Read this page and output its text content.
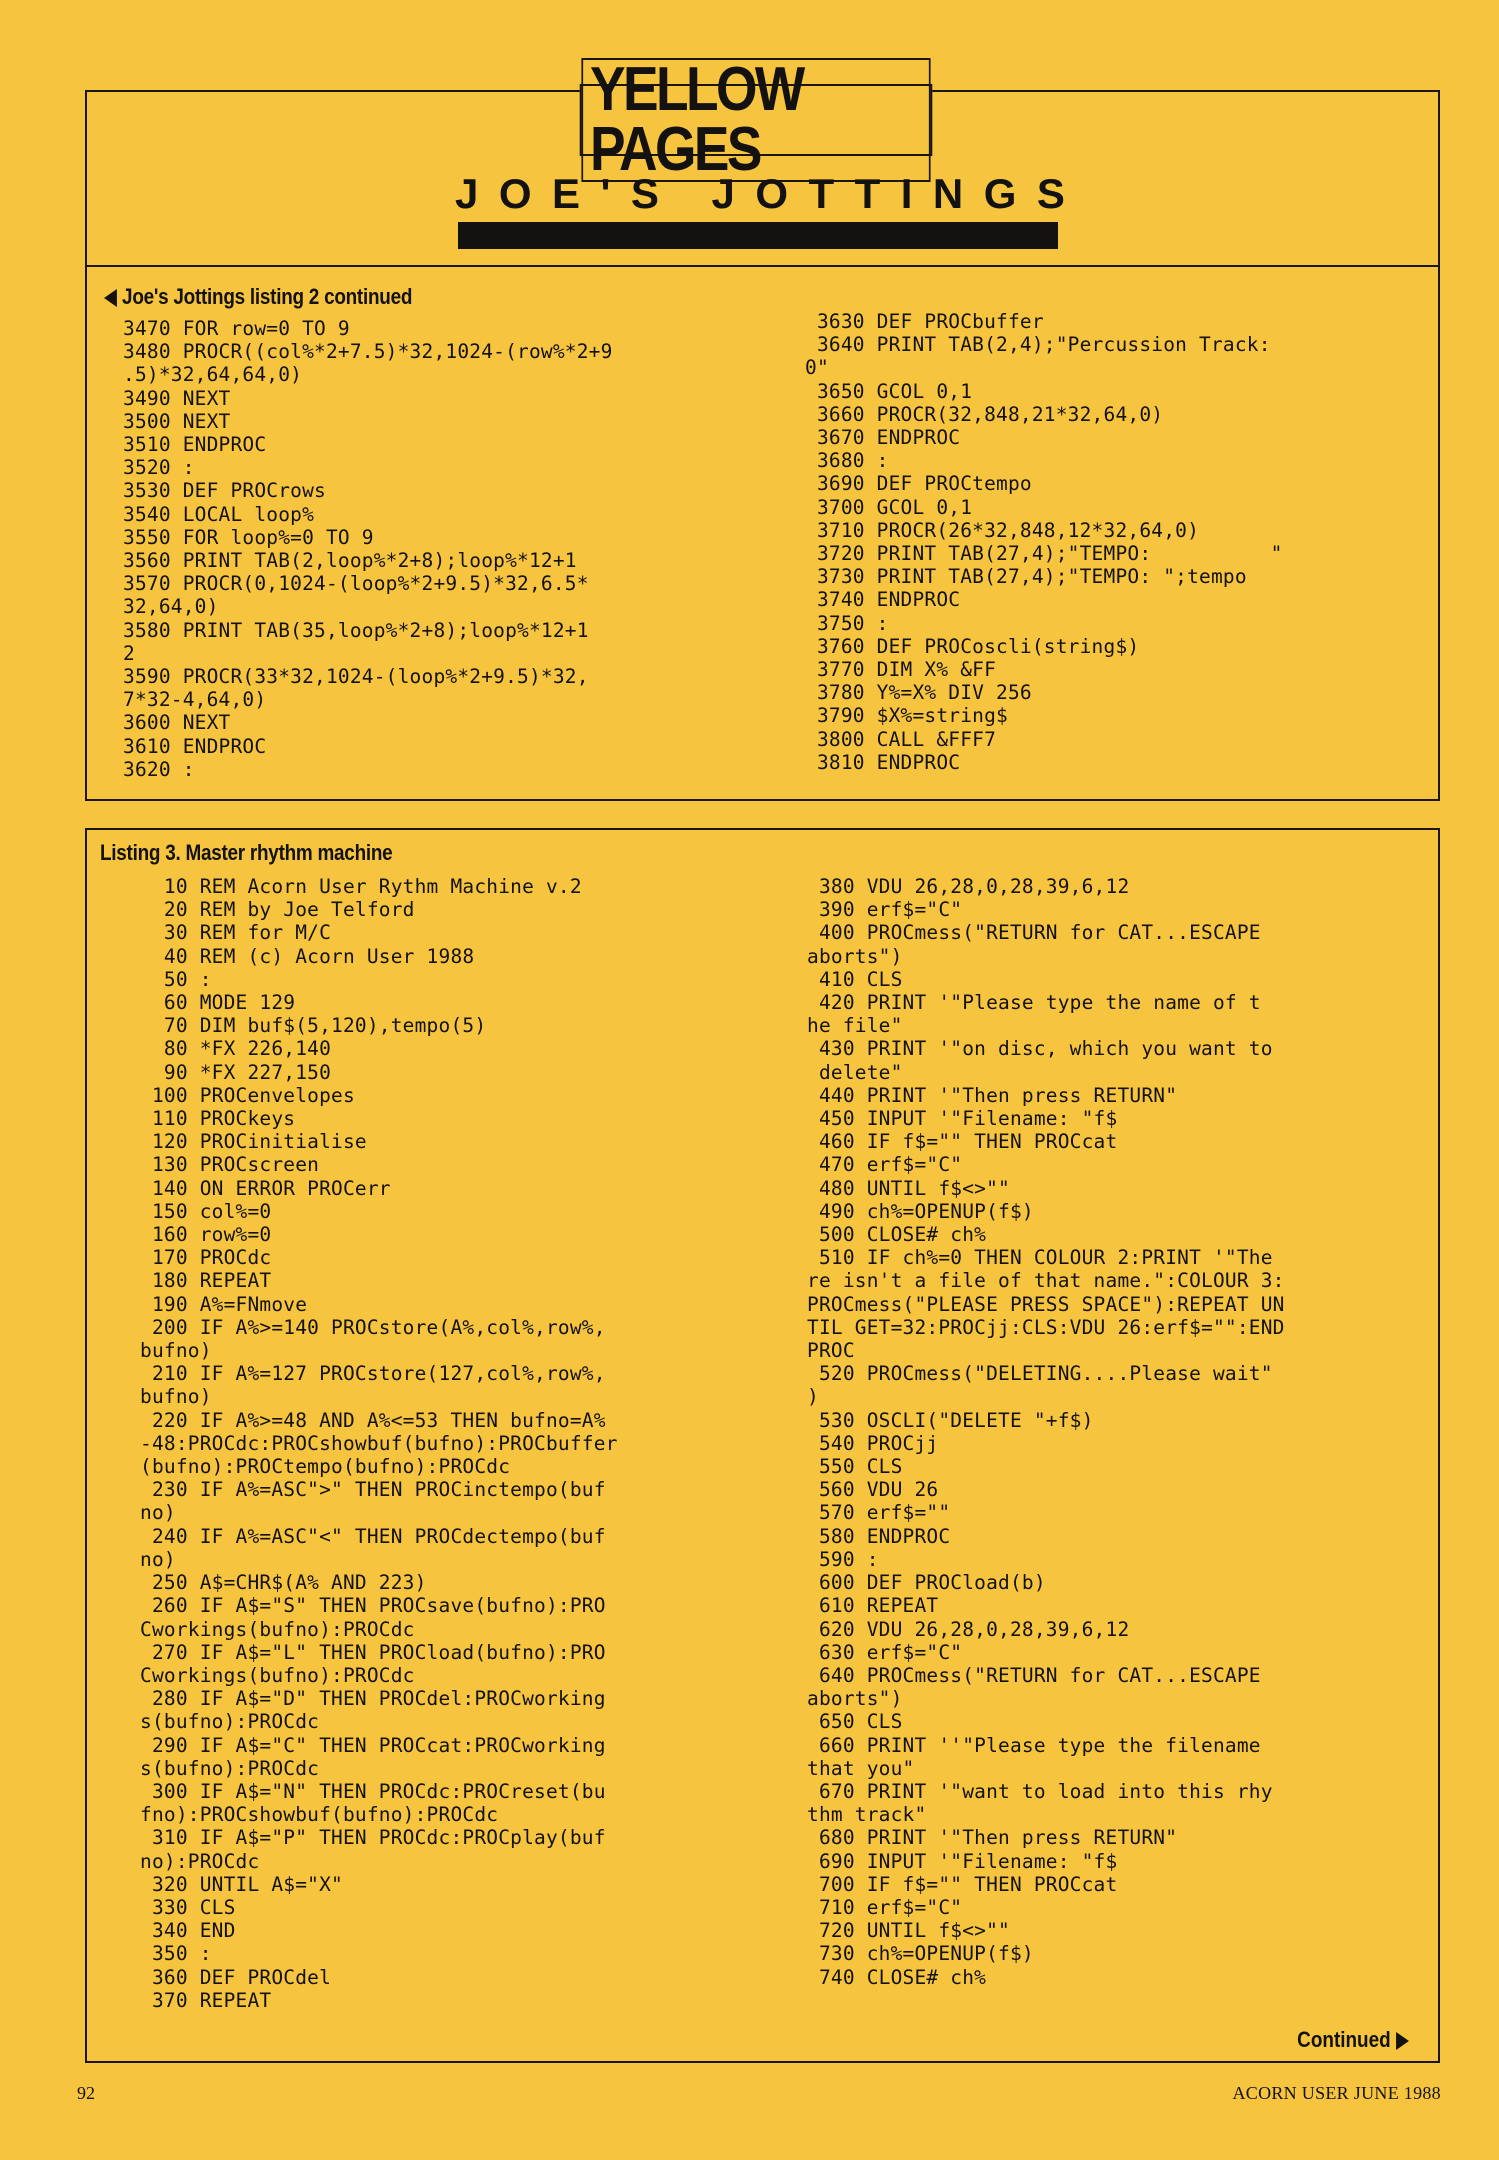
YELLOW PAGES
J O E ' S
J O T T I N G S
Joe's Jottings listing 2 continued
3470 FOR row=0 TO 9
3480 PROCR((col%*2+7.5)*32,1024-(row%*2+9
.5)*32,64,64,0)
3490 NEXT
3500 NEXT
3510 ENDPROC
3520 :
3530 DEF PROCrows
3540 LOCAL loop%
3550 FOR loop%=0 TO 9
3560 PRINT TAB(2,loop%*2+8);loop%*12+1
3570 PROCR(0,1024-(loop%*2+9.5)*32,6.5*
32,64,0)
3580 PRINT TAB(35,loop%*2+8);loop%*12+1
2
3590 PROCR(33*32,1024-(loop%*2+9.5)*32,
7*32-4,64,0)
3600 NEXT
3610 ENDPROC
3620 :
3630 DEF PROCbuffer
3640 PRINT TAB(2,4);"Percussion Track:
0"
3650 GCOL 0,1
3660 PROCR(32,848,21*32,64,0)
3670 ENDPROC
3680 :
3690 DEF PROCtempo
3700 GCOL 0,1
3710 PROCR(26*32,848,12*32,64,0)
3720 PRINT TAB(27,4);"TEMPO:          "
3730 PRINT TAB(27,4);"TEMPO: ";tempo
3740 ENDPROC
3750 :
3760 DEF PROCoscli(string$)
3770 DIM X% &FF
3780 Y%=X% DIV 256
3790 $X%=string$
3800 CALL &FFF7
3810 ENDPROC
Listing 3. Master rhythm machine
10 REM Acorn User Rythm Machine v.2
20 REM by Joe Telford
30 REM for M/C
40 REM (c) Acorn User 1988
50 :
60 MODE 129
70 DIM buf$(5,120),tempo(5)
80 *FX 226,140
90 *FX 227,150
100 PROCenvelopes
110 PROCkeys
120 PROCinitialise
130 PROCscreen
140 ON ERROR PROCerr
150 col%=0
160 row%=0
170 PROCdc
180 REPEAT
190 A%=FNmove
200 IF A%>=140 PROCstore(A%,col%,row%,
bufno)
210 IF A%=127 PROCstore(127,col%,row%,
bufno)
220 IF A%>=48 AND A%<=53 THEN bufno=A%
-48:PROCdc:PROCshowbuf(bufno):PROCbuffer
(bufno):PROCtempo(bufno):PROCdc
230 IF A%=ASC">" THEN PROCinctempo(buf
no)
240 IF A%=ASC"<" THEN PROCdectempo(buf
no)
250 A$=CHR$(A% AND 223)
260 IF A$="S" THEN PROCsave(bufno):PRO
Cworkings(bufno):PROCdc
270 IF A$="L" THEN PROCload(bufno):PRO
Cworkings(bufno):PROCdc
280 IF A$="D" THEN PROCdel:PROCworking
s(bufno):PROCdc
290 IF A$="C" THEN PROCcat:PROCworking
s(bufno):PROCdc
300 IF A$="N" THEN PROCdc:PROCreset(bu
fno):PROCshowbuf(bufno):PROCdc
310 IF A$="P" THEN PROCdc:PROCplay(buf
no):PROCdc
320 UNTIL A$="X"
330 CLS
340 END
350 :
360 DEF PROCdel
370 REPEAT
380 VDU 26,28,0,28,39,6,12
390 erf$="C"
400 PROCmess("RETURN for CAT...ESCAPE
aborts")
410 CLS
420 PRINT '"Please type the name of t
he file"
430 PRINT '"on disc, which you want to
delete"
440 PRINT '"Then press RETURN"
450 INPUT '"Filename: "f$
460 IF f$="" THEN PROCcat
470 erf$="C"
480 UNTIL f$<>""
490 ch%=OPENUP(f$)
500 CLOSE# ch%
510 IF ch%=0 THEN COLOUR 2:PRINT '"The
re isn't a file of that name.":COLOUR 3:
PROCmess("PLEASE PRESS SPACE"):REPEAT UN
TIL GET=32:PROCjj:CLS:VDU 26:erf$="":END
PROC
520 PROCmess("DELETING....Please wait"
)
530 OSCLI("DELETE "+f$)
540 PROCjj
550 CLS
560 VDU 26
570 erf$=""
580 ENDPROC
590 :
600 DEF PROCload(b)
610 REPEAT
620 VDU 26,28,0,28,39,6,12
630 erf$="C"
640 PROCmess("RETURN for CAT...ESCAPE
aborts")
650 CLS
660 PRINT ''"Please type the filename
that you"
670 PRINT '"want to load into this rhy
thm track"
680 PRINT '"Then press RETURN"
690 INPUT '"Filename: "f$
700 IF f$="" THEN PROCcat
710 erf$="C"
720 UNTIL f$<>""
730 ch%=OPENUP(f$)
740 CLOSE# ch%
Continued
92	ACORN USER JUNE 1988
